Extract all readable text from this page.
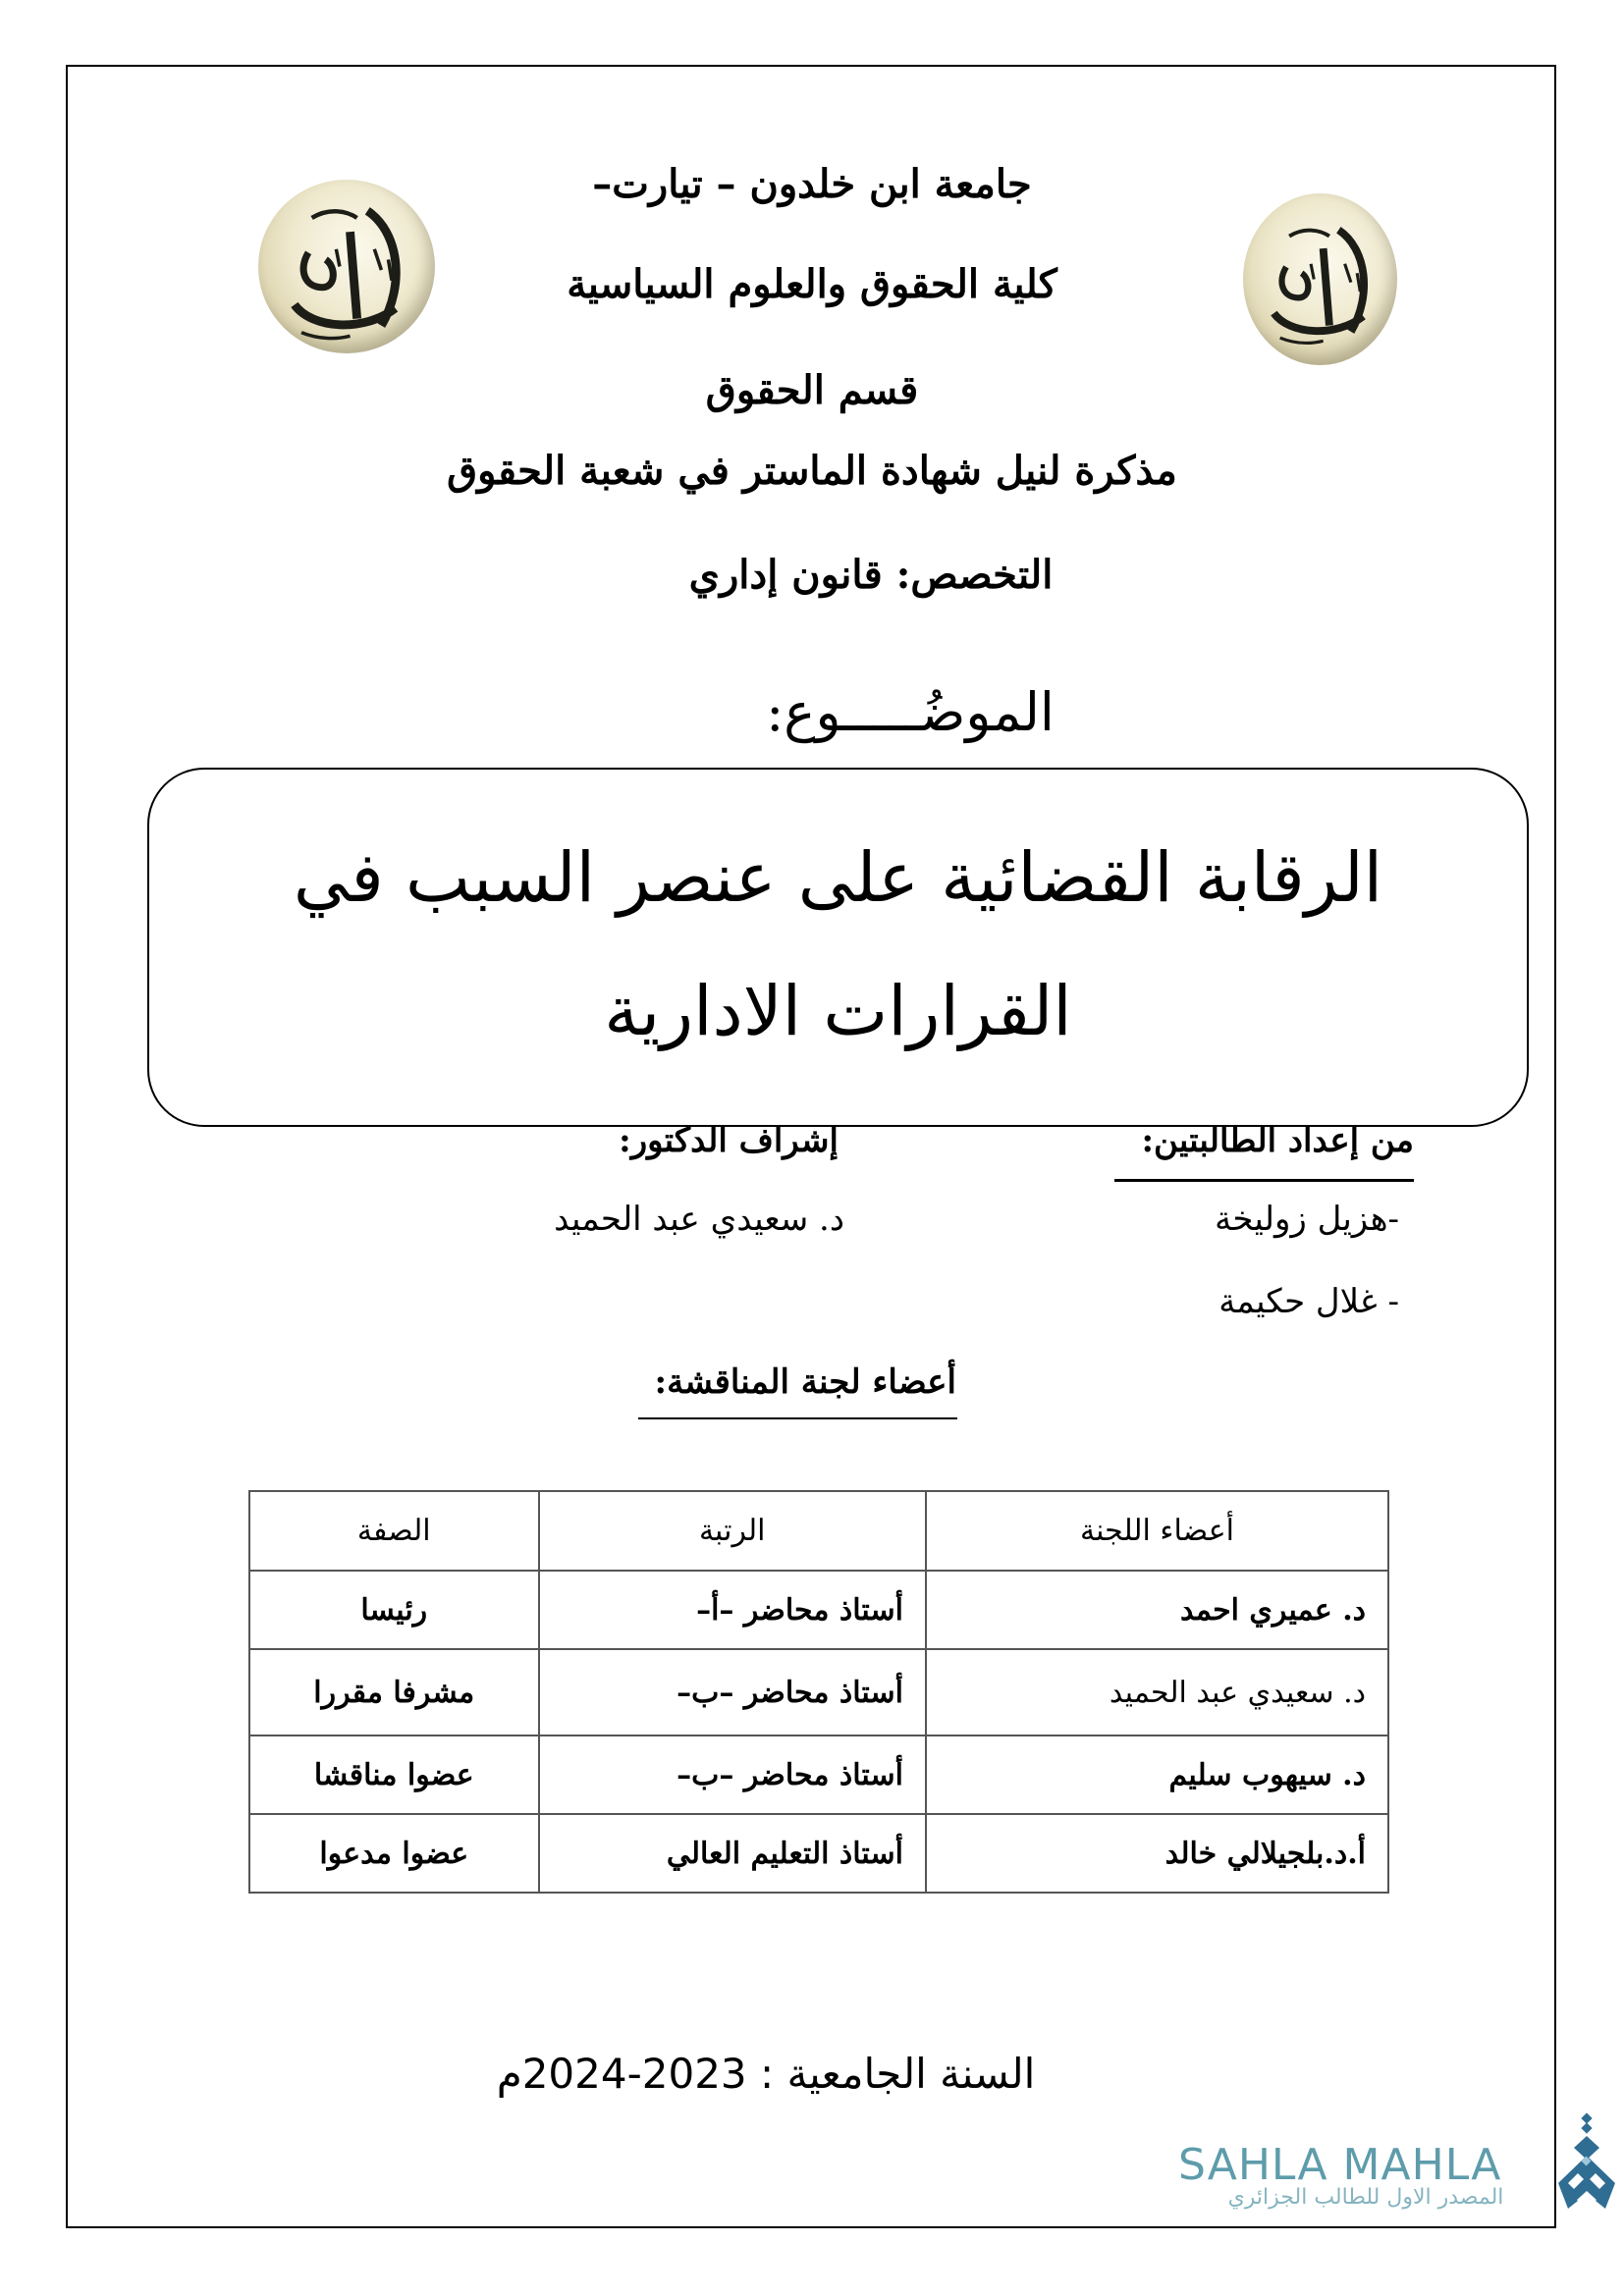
جامعة ابن خلدون – تيارت–
كلية الحقوق والعلوم السياسية
قسم الحقوق
مذكرة لنيل شهادة الماستر في شعبة الحقوق
التخصص: قانون إداري
الموضُـــــوع:
الرقابة القضائية على عنصر السبب في
القرارات الادارية
من إعداد الطالبتين:
-هزيل زوليخة
- غلال حكيمة
إشراف الدكتور:
د. سعيدي عبد الحميد
أعضاء لجنة المناقشة:
أعضاء اللجنة	الرتبة	الصفة
د. عميري احمد	أستاذ محاضر –أ–	رئيسا
د. سعيدي عبد الحميد	أستاذ محاضر –ب–	مشرفا مقررا
د. سيهوب سليم	أستاذ محاضر –ب–	عضوا مناقشا
أ.د.بلجيلالي خالد	أستاذ التعليم العالي	عضوا مدعوا
السنة الجامعية : 2023-2024م
SAHLA MAHLA
المصدر الاول للطالب الجزائري
